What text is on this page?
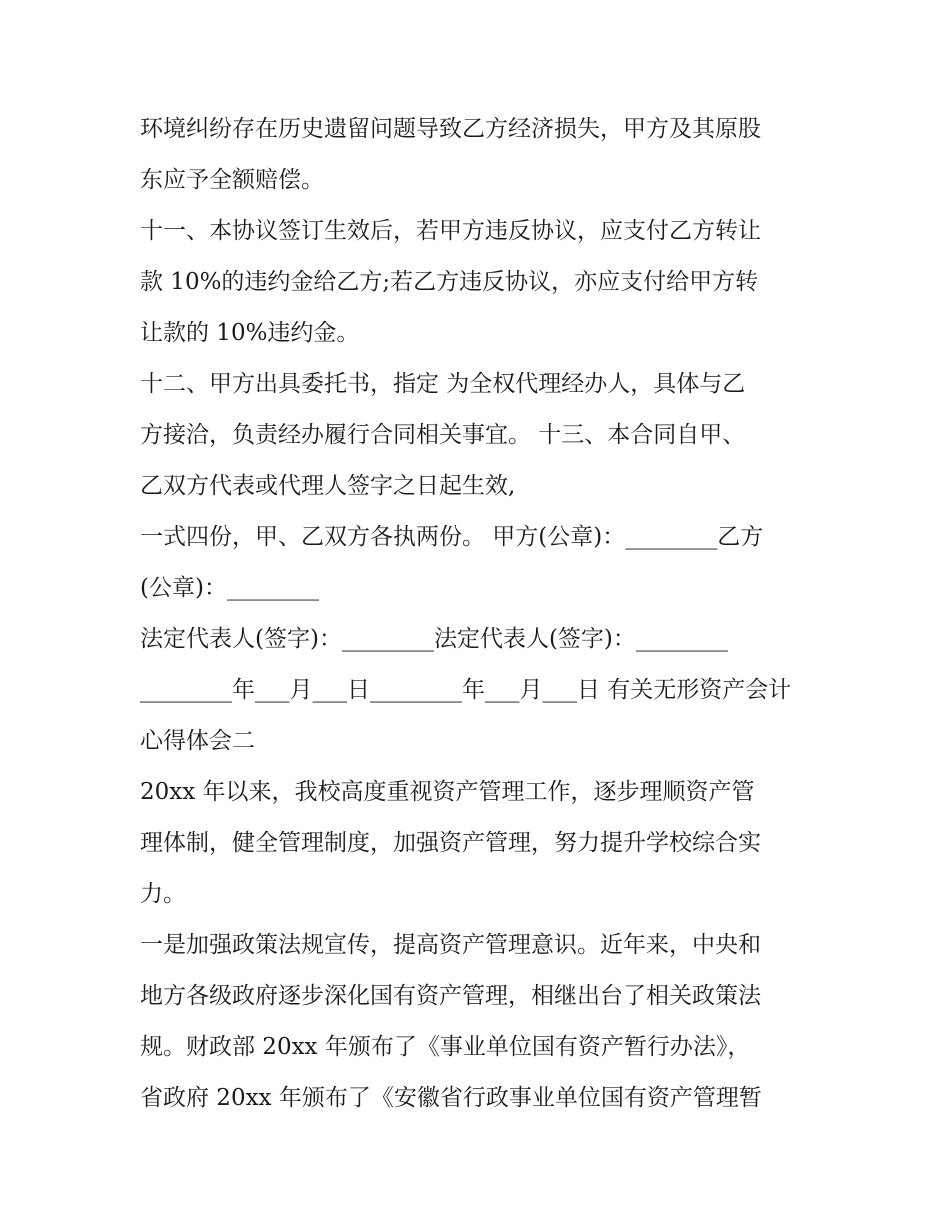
环境纠纷存在历史遗留问题导致乙方经济损失，甲方及其原股
东应予全额赔偿。
十一、本协议签订生效后，若甲方违反协议，应支付乙方转让
款 10%的违约金给乙方;若乙方违反协议，亦应支付给甲方转
让款的 10%违约金。
十二、甲方出具委托书，指定 为全权代理经办人，具体与乙
方接洽，负责经办履行合同相关事宜。 十三、本合同自甲、
乙双方代表或代理人签字之日起生效,
一式四份，甲、乙双方各执两份。 甲方(公章)：________乙方
(公章)：________
法定代表人(签字)：________法定代表人(签字)：________
________年___月___日________年___月___日 有关无形资产会计
心得体会二
20xx 年以来，我校高度重视资产管理工作，逐步理顺资产管
理体制，健全管理制度，加强资产管理，努力提升学校综合实
力。
一是加强政策法规宣传，提高资产管理意识。近年来，中央和
地方各级政府逐步深化国有资产管理，相继出台了相关政策法
规。财政部 20xx 年颁布了《事业单位国有资产暂行办法》，
省政府 20xx 年颁布了《安徽省行政事业单位国有资产管理暂
